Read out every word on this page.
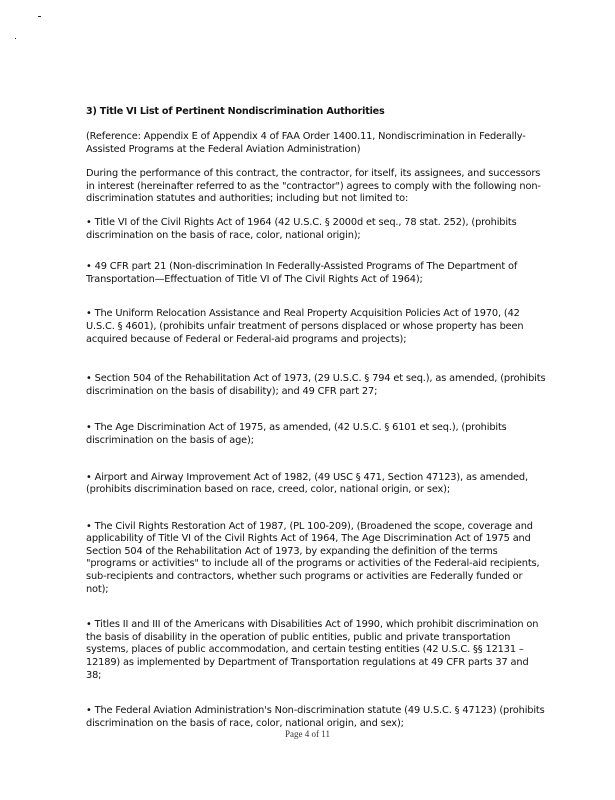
3) Title VI List of Pertinent Nondiscrimination Authorities

(Reference: Appendix E of Appendix 4 of FAA Order 1400.11, Nondiscrimination in Federally-Assisted Programs at the Federal Aviation Administration)

During the performance of this contract, the contractor, for itself, its assignees, and successors in interest (hereinafter referred to as the "contractor") agrees to comply with the following non-discrimination statutes and authorities; including but not limited to:

• Title VI of the Civil Rights Act of 1964 (42 U.S.C. § 2000d et seq., 78 stat. 252), (prohibits discrimination on the basis of race, color, national origin);

• 49 CFR part 21 (Non-discrimination In Federally-Assisted Programs of The Department of Transportation—Effectuation of Title VI of The Civil Rights Act of 1964);

• The Uniform Relocation Assistance and Real Property Acquisition Policies Act of 1970, (42 U.S.C. § 4601), (prohibits unfair treatment of persons displaced or whose property has been acquired because of Federal or Federal-aid programs and projects);

• Section 504 of the Rehabilitation Act of 1973, (29 U.S.C. § 794 et seq.), as amended, (prohibits discrimination on the basis of disability); and 49 CFR part 27;

• The Age Discrimination Act of 1975, as amended, (42 U.S.C. § 6101 et seq.), (prohibits discrimination on the basis of age);

• Airport and Airway Improvement Act of 1982, (49 USC § 471, Section 47123), as amended, (prohibits discrimination based on race, creed, color, national origin, or sex);

• The Civil Rights Restoration Act of 1987, (PL 100-209), (Broadened the scope, coverage and applicability of Title VI of the Civil Rights Act of 1964, The Age Discrimination Act of 1975 and Section 504 of the Rehabilitation Act of 1973, by expanding the definition of the terms "programs or activities" to include all of the programs or activities of the Federal-aid recipients, sub-recipients and contractors, whether such programs or activities are Federally funded or not);

• Titles II and III of the Americans with Disabilities Act of 1990, which prohibit discrimination on the basis of disability in the operation of public entities, public and private transportation systems, places of public accommodation, and certain testing entities (42 U.S.C. §§ 12131 – 12189) as implemented by Department of Transportation regulations at 49 CFR parts 37 and 38;

• The Federal Aviation Administration's Non-discrimination statute (49 U.S.C. § 47123) (prohibits discrimination on the basis of race, color, national origin, and sex);

Page 4 of 11
